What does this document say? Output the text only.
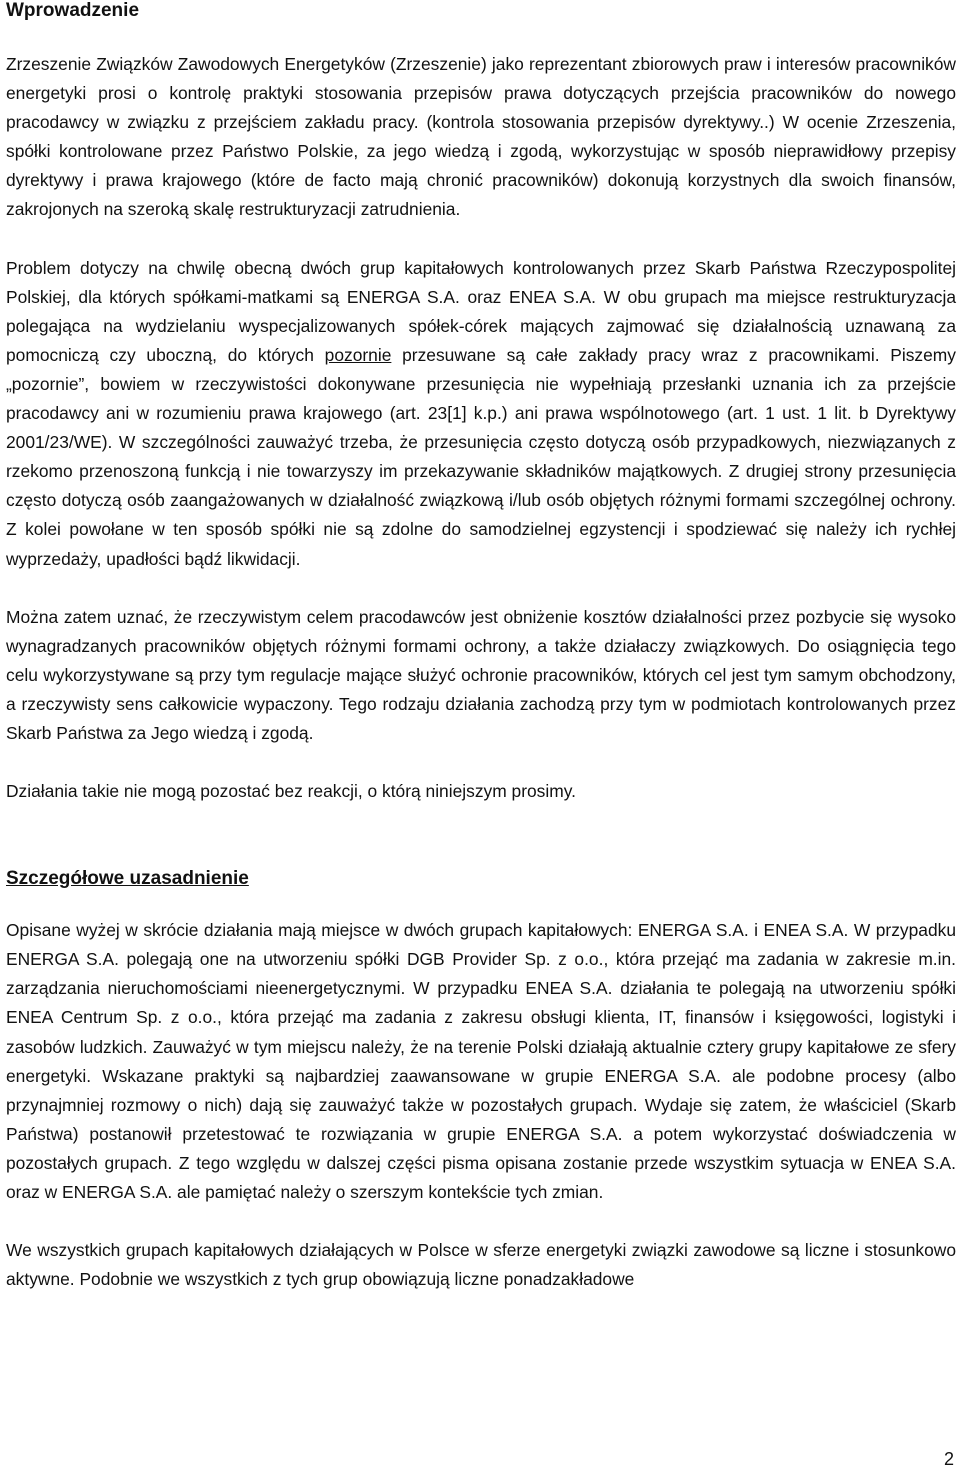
Wprowadzenie

Zrzeszenie Związków Zawodowych Energetyków (Zrzeszenie) jako reprezentant zbiorowych praw i interesów pracowników energetyki prosi o kontrolę praktyki stosowania przepisów prawa dotyczących przejścia pracowników do nowego pracodawcy w związku z przejściem zakładu pracy. (kontrola stosowania przepisów dyrektywy..) W ocenie Zrzeszenia, spółki kontrolowane przez Państwo Polskie, za jego wiedzą i zgodą, wykorzystując w sposób nieprawidłowy przepisy dyrektywy i prawa krajowego (które de facto mają chronić pracowników) dokonują korzystnych dla swoich finansów, zakrojonych na szeroką skalę restrukturyzacji zatrudnienia.

Problem dotyczy na chwilę obecną dwóch grup kapitałowych kontrolowanych przez Skarb Państwa Rzeczypospolitej Polskiej, dla których spółkami-matkami są ENERGA S.A. oraz ENEA S.A. W obu grupach ma miejsce restrukturyzacja polegająca na wydzielaniu wyspecjalizowanych spółek-córek mających zajmować się działalnością uznawaną za pomocniczą czy uboczną, do których pozornie przesuwane są całe zakłady pracy wraz z pracownikami. Piszemy „pozornie”, bowiem w rzeczywistości dokonywane przesunięcia nie wypełniają przesłanki uznania ich za przejście pracodawcy ani w rozumieniu prawa krajowego (art. 23[1] k.p.) ani prawa wspólnotowego (art. 1 ust. 1 lit. b Dyrektywy 2001/23/WE). W szczególności zauważyć trzeba, że przesunięcia często dotyczą osób przypadkowych, niezwiązanych z rzekomo przenoszoną funkcją i nie towarzyszy im przekazywanie składników majątkowych. Z drugiej strony przesunięcia często dotyczą osób zaangażowanych w działalność związkową i/lub osób objętych różnymi formami szczególnej ochrony. Z kolei powołane w ten sposób spółki nie są zdolne do samodzielnej egzystencji i spodziewać się należy ich rychłej wyprzedaży, upadłości bądź likwidacji.

Można zatem uznać, że rzeczywistym celem pracodawców jest obniżenie kosztów działalności przez pozbycie się wysoko wynagradzanych pracowników objętych różnymi formami ochrony, a także działaczy związkowych. Do osiągnięcia tego celu wykorzystywane są przy tym regulacje mające służyć ochronie pracowników, których cel jest tym samym obchodzony, a rzeczywisty sens całkowicie wypaczony. Tego rodzaju działania zachodzą przy tym w podmiotach kontrolowanych przez Skarb Państwa za Jego wiedzą i zgodą.

Działania takie nie mogą pozostać bez reakcji, o którą niniejszym prosimy.

Szczegółowe uzasadnienie

Opisane wyżej w skrócie działania mają miejsce w dwóch grupach kapitałowych: ENERGA S.A. i ENEA S.A. W przypadku ENERGA S.A. polegają one na utworzeniu spółki DGB Provider Sp. z o.o., która przejąć ma zadania w zakresie m.in. zarządzania nieruchomościami nieenergetycznymi. W przypadku ENEA S.A. działania te polegają na utworzeniu spółki ENEA Centrum Sp. z o.o., która przejąć ma zadania z zakresu obsługi klienta, IT, finansów i księgowości, logistyki i zasobów ludzkich. Zauważyć w tym miejscu należy, że na terenie Polski działają aktualnie cztery grupy kapitałowe ze sfery energetyki. Wskazane praktyki są najbardziej zaawansowane w grupie ENERGA S.A. ale podobne procesy (albo przynajmniej rozmowy o nich) dają się zauważyć także w pozostałych grupach. Wydaje się zatem, że właściciel (Skarb Państwa) postanowił przetestować te rozwiązania w grupie ENERGA S.A. a potem wykorzystać doświadczenia w pozostałych grupach. Z tego względu w dalszej części pisma opisana zostanie przede wszystkim sytuacja w ENEA S.A. oraz w ENERGA S.A. ale pamiętać należy o szerszym kontekście tych zmian.

We wszystkich grupach kapitałowych działających w Polsce w sferze energetyki związki zawodowe są liczne i stosunkowo aktywne. Podobnie we wszystkich z tych grup obowiązują liczne ponadzakładowe

2
